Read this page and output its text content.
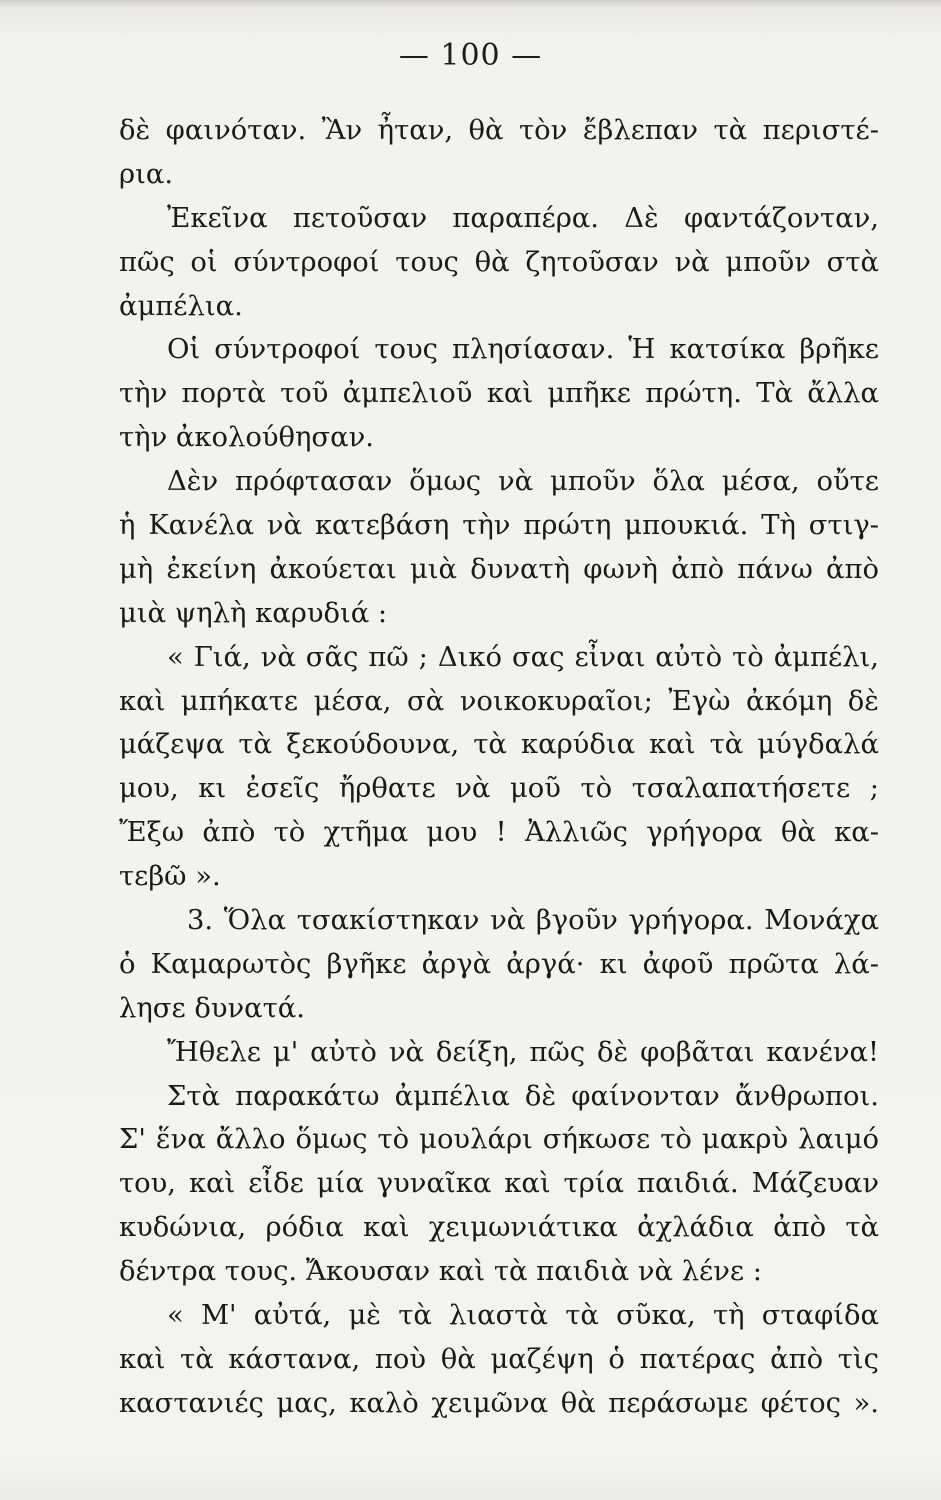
— 100 —
δὲ φαινόταν. Ἂν ἦταν, θὰ τὸν ἔβλεπαν τὰ περιστέ-
ρια.
Ἐκεῖνα πετοῦσαν παραπέρα. Δὲ φαντάζονταν,
πῶς οἱ σύντροφοί τους θὰ ζητοῦσαν νὰ μποῦν στὰ
ἀμπέλια.
Οἱ σύντροφοί τους πλησίασαν. Ἡ κατσίκα βρῆκε
τὴν πορτὰ τοῦ ἀμπελιοῦ καὶ μπῆκε πρώτη. Τὰ ἄλλα
τὴν ἀκολούθησαν.
Δὲν πρόφτασαν ὅμως νὰ μποῦν ὅλα μέσα, οὔτε
ἡ Κανέλα νὰ κατεβάση τὴν πρώτη μπουκιά. Τὴ στιγ-
μὴ ἐκείνη ἀκούεται μιὰ δυνατὴ φωνὴ ἀπὸ πάνω ἀπὸ
μιὰ ψηλὴ καρυδιά :
« Γιά, νὰ σᾶς πῶ ; Δικό σας εἶναι αὐτὸ τὸ ἀμπέλι,
καὶ μπήκατε μέσα, σὰ νοικοκυραῖοι; Ἐγὼ ἀκόμη δὲ
μάζεψα τὰ ξεκούδουνα, τὰ καρύδια καὶ τὰ μύγδαλά
μου, κι ἐσεῖς ἤρθατε νὰ μοῦ τὸ τσαλαπατήσετε ;
Ἔξω ἀπὸ τὸ χτῆμα μου ! Ἀλλιῶς γρήγορα θὰ κα-
τεβῶ ».
3. Ὅλα τσακίστηκαν νὰ βγοῦν γρήγορα. Μονάχα
ὁ Καμαρωτὸς βγῆκε ἀργὰ ἀργά· κι ἀφοῦ πρῶτα λά-
λησε δυνατά.
Ἤθελε μ' αὐτὸ νὰ δείξη, πῶς δὲ φοβᾶται κανένα!
Στὰ παρακάτω ἀμπέλια δὲ φαίνονταν ἄνθρωποι.
Σ' ἕνα ἄλλο ὅμως τὸ μουλάρι σήκωσε τὸ μακρὺ λαιμό
του, καὶ εἶδε μία γυναῖκα καὶ τρία παιδιά. Μάζευαν
κυδώνια, ρόδια καὶ χειμωνιάτικα ἀχλάδια ἀπὸ τὰ
δέντρα τους. Ἄκουσαν καὶ τὰ παιδιὰ νὰ λένε :
« Μ' αὐτά, μὲ τὰ λιαστὰ τὰ σῦκα, τὴ σταφίδα
καὶ τὰ κάστανα, ποὺ θὰ μαζέψη ὁ πατέρας ἀπὸ τὶς
καστανιές μας, καλὸ χειμῶνα θὰ περάσωμε φέτος ».
